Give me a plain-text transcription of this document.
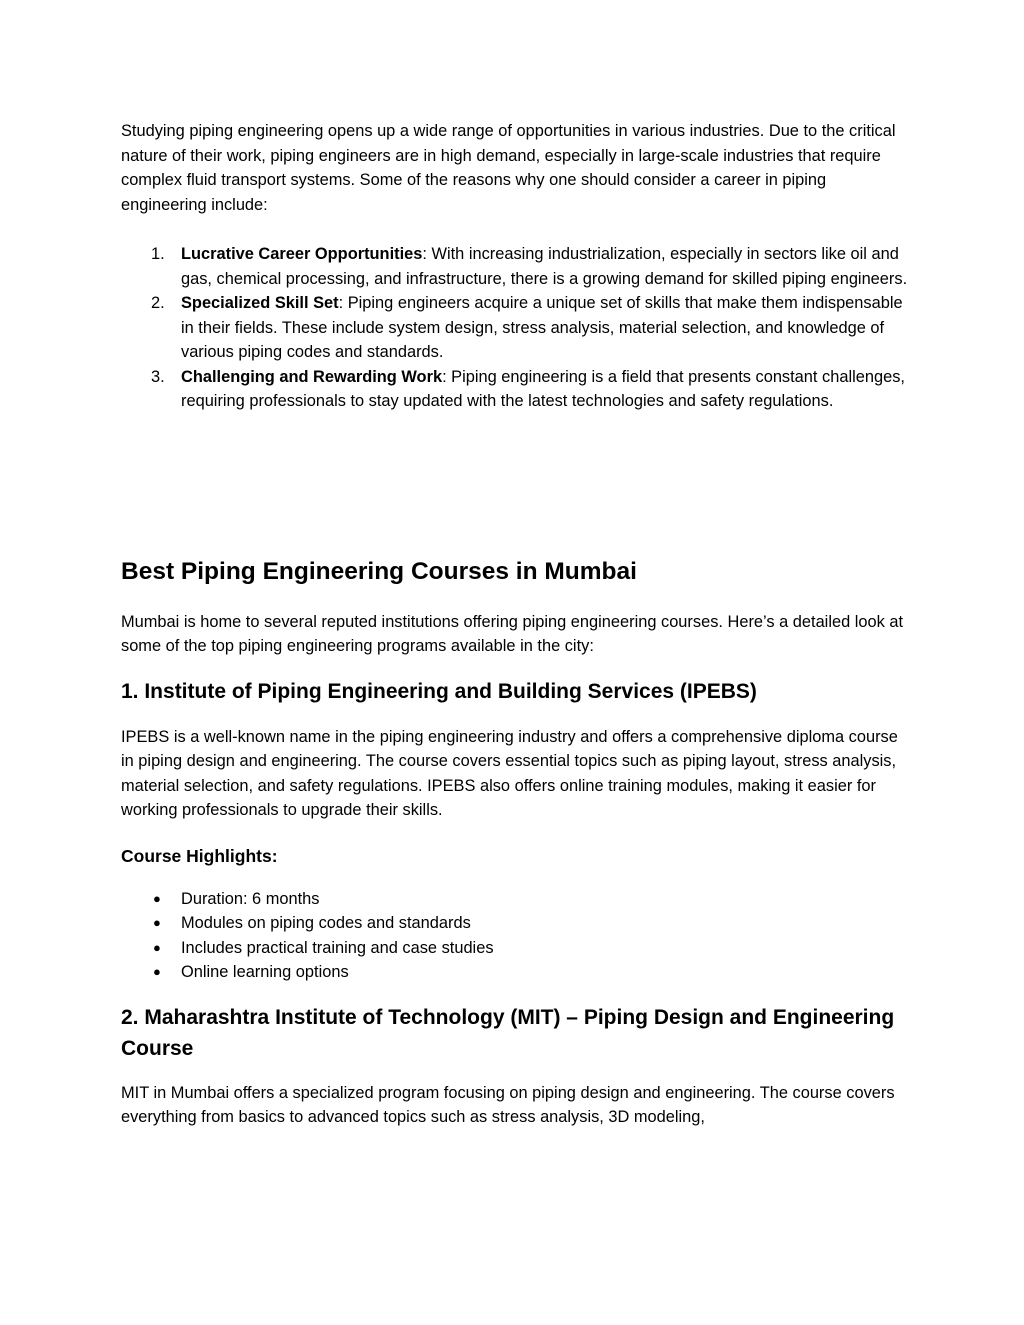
Studying piping engineering opens up a wide range of opportunities in various industries. Due to the critical nature of their work, piping engineers are in high demand, especially in large-scale industries that require complex fluid transport systems. Some of the reasons why one should consider a career in piping engineering include:

1. Lucrative Career Opportunities: With increasing industrialization, especially in sectors like oil and gas, chemical processing, and infrastructure, there is a growing demand for skilled piping engineers.
2. Specialized Skill Set: Piping engineers acquire a unique set of skills that make them indispensable in their fields. These include system design, stress analysis, material selection, and knowledge of various piping codes and standards.
3. Challenging and Rewarding Work: Piping engineering is a field that presents constant challenges, requiring professionals to stay updated with the latest technologies and safety regulations.
Best Piping Engineering Courses in Mumbai

Mumbai is home to several reputed institutions offering piping engineering courses. Here’s a detailed look at some of the top piping engineering programs available in the city:

1. Institute of Piping Engineering and Building Services (IPEBS)

IPEBS is a well-known name in the piping engineering industry and offers a comprehensive diploma course in piping design and engineering. The course covers essential topics such as piping layout, stress analysis, material selection, and safety regulations. IPEBS also offers online training modules, making it easier for working professionals to upgrade their skills.

Course Highlights:
● Duration: 6 months
● Modules on piping codes and standards
● Includes practical training and case studies
● Online learning options
2. Maharashtra Institute of Technology (MIT) – Piping Design and Engineering Course

MIT in Mumbai offers a specialized program focusing on piping design and engineering. The course covers everything from basics to advanced topics such as stress analysis, 3D modeling,
